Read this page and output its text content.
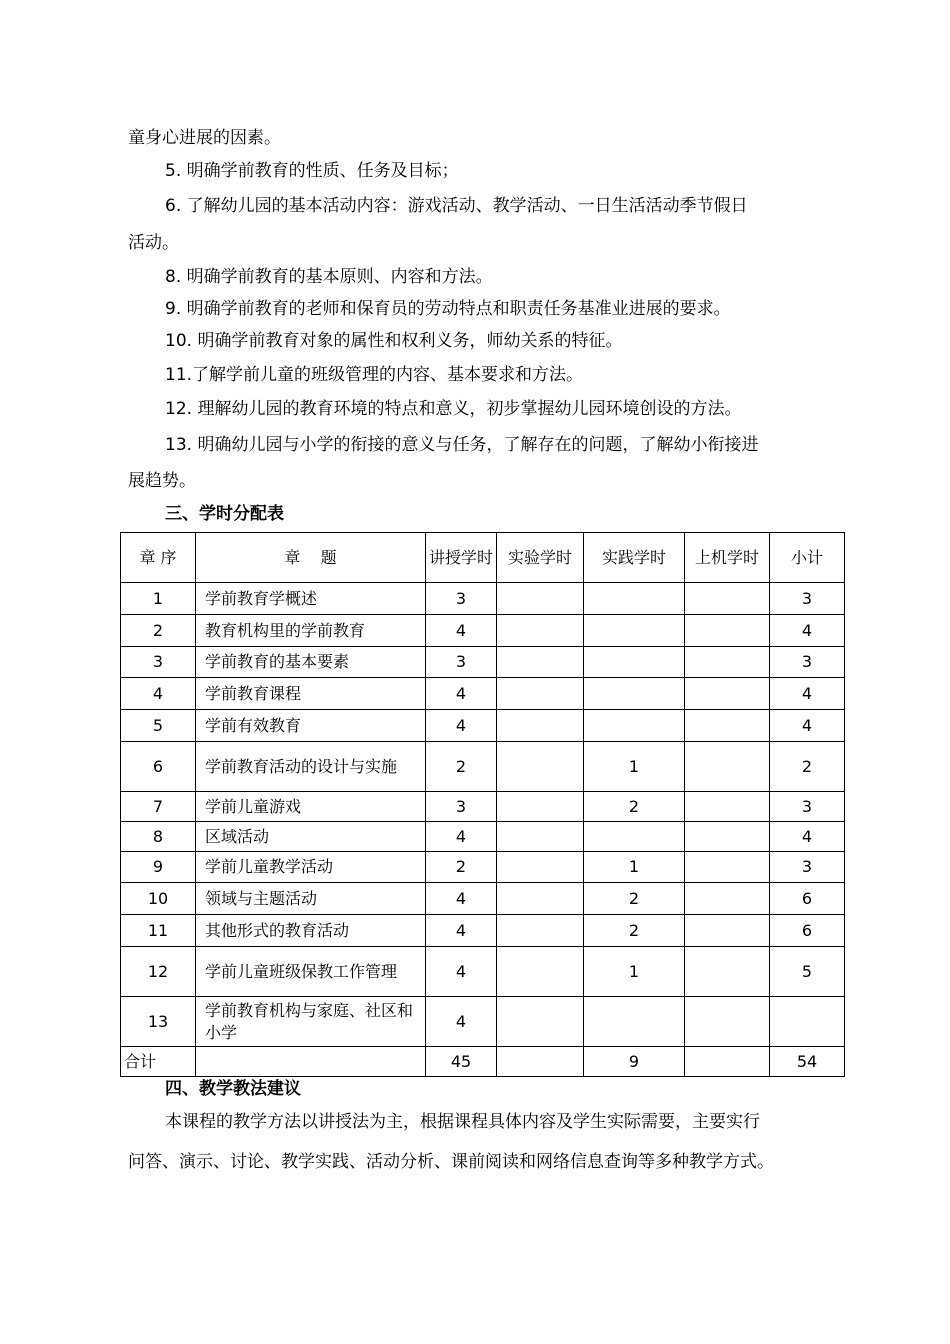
童身心进展的因素。
5. 明确学前教育的性质、任务及目标；
6. 了解幼儿园的基本活动内容：游戏活动、教学活动、一日生活活动季节假日
活动。
8. 明确学前教育的基本原则、内容和方法。
9. 明确学前教育的老师和保育员的劳动特点和职责任务基准业进展的要求。
10. 明确学前教育对象的属性和权利义务，师幼关系的特征。
11.了解学前儿童的班级管理的内容、基本要求和方法。
12. 理解幼儿园的教育环境的特点和意义，初步掌握幼儿园环境创设的方法。
13. 明确幼儿园与小学的衔接的意义与任务，了解存在的问题，了解幼小衔接进
展趋势。
三、学时分配表
章 序	章    题	讲授学时	实验学时	实践学时	上机学时	小计
1	学前教育学概述	3				3
2	教育机构里的学前教育	4				4
3	学前教育的基本要素	3				3
4	学前教育课程	4				4
5	学前有效教育	4				4
6	学前教育活动的设计与实施	2		1		2
7	学前儿童游戏	3		2		3
8	区域活动	4				4
9	学前儿童教学活动	2		1		3
10	领域与主题活动	4		2		6
11	其他形式的教育活动	4		2		6
12	学前儿童班级保教工作管理	4		1		5
13	学前教育机构与家庭、社区和小学	4				
合计		45		9		54
四、教学教法建议
本课程的教学方法以讲授法为主，根据课程具体内容及学生实际需要，主要实行
问答、演示、讨论、教学实践、活动分析、课前阅读和网络信息查询等多种教学方式。
